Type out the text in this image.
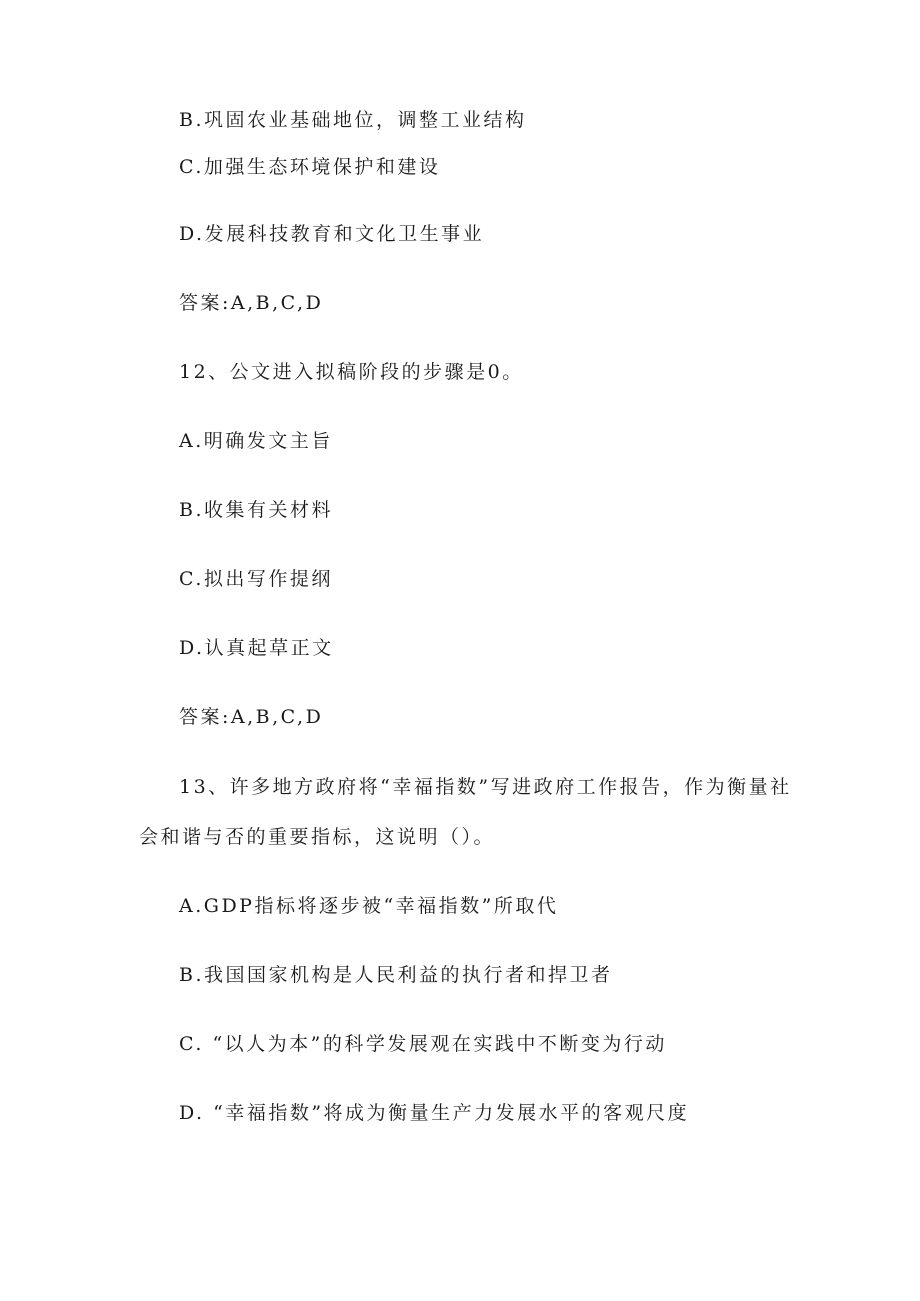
B.巩固农业基础地位，调整工业结构
C.加强生态环境保护和建设
D.发展科技教育和文化卫生事业
答案:A,B,C,D
12、公文进入拟稿阶段的步骤是0。
A.明确发文主旨
B.收集有关材料
C.拟出写作提纲
D.认真起草正文
答案:A,B,C,D
13、许多地方政府将“幸福指数”写进政府工作报告，作为衡量社
会和谐与否的重要指标，这说明（）。
A.GDP指标将逐步被“幸福指数”所取代
B.我国国家机构是人民利益的执行者和捍卫者
C. “以人为本”的科学发展观在实践中不断变为行动
D. “幸福指数”将成为衡量生产力发展水平的客观尺度
